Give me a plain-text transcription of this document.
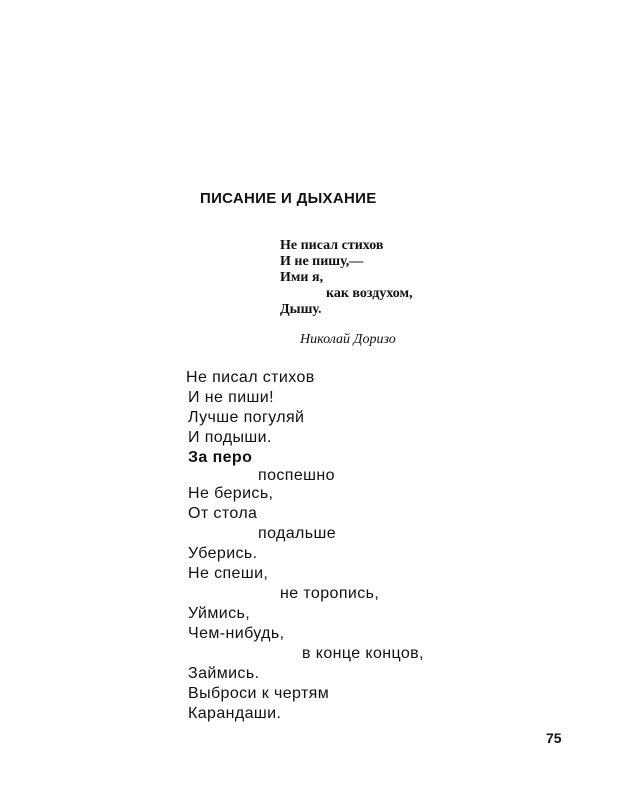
ПИСАНИЕ И ДЫХАНИЕ
Не писал стихов
И не пишу,—
Ими я,
как воздухом,
Дышу.
Николай Доризо
Не писал стихов
И не пиши!
Лучше погуляй
И подыши.
За перо
поспешно
Не берись,
От стола
подальше
Уберись.
Не спеши,
не торопись,
Уймись,
Чем-нибудь,
в конце концов,
Займись.
Выброси к чертям
Карандаши.
75
